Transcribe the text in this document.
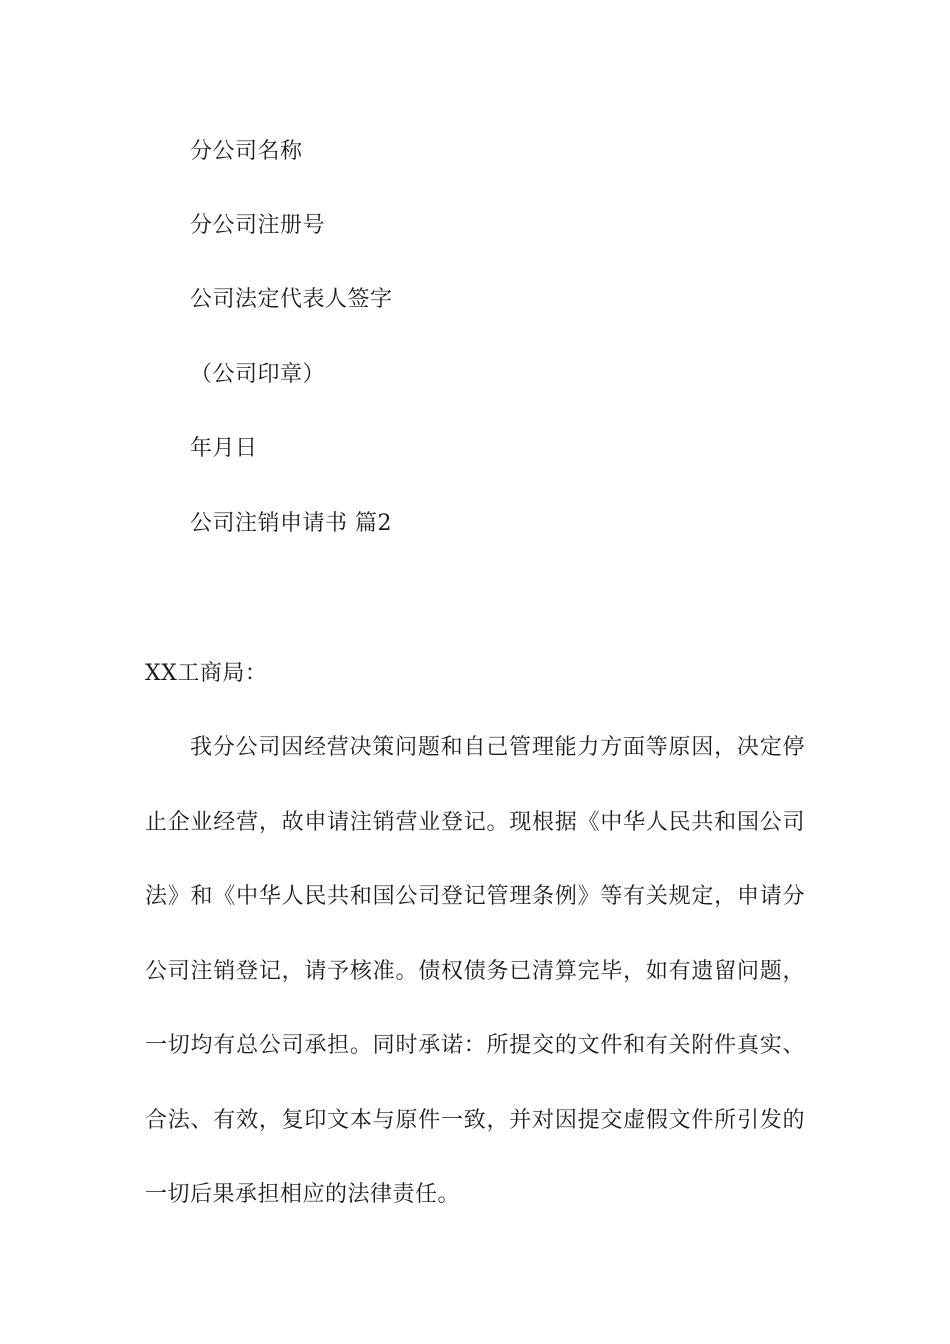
分公司名称
分公司注册号
公司法定代表人签字
（公司印章）
年月日
公司注销申请书 篇2
XX工商局：
我分公司因经营决策问题和自己管理能力方面等原因，决定停
止企业经营，故申请注销营业登记。现根据《中华人民共和国公司
法》和《中华人民共和国公司登记管理条例》等有关规定，申请分
公司注销登记，请予核准。债权债务已清算完毕，如有遗留问题，
一切均有总公司承担。同时承诺：所提交的文件和有关附件真实、
合法、有效，复印文本与原件一致，并对因提交虚假文件所引发的
一切后果承担相应的法律责任。
